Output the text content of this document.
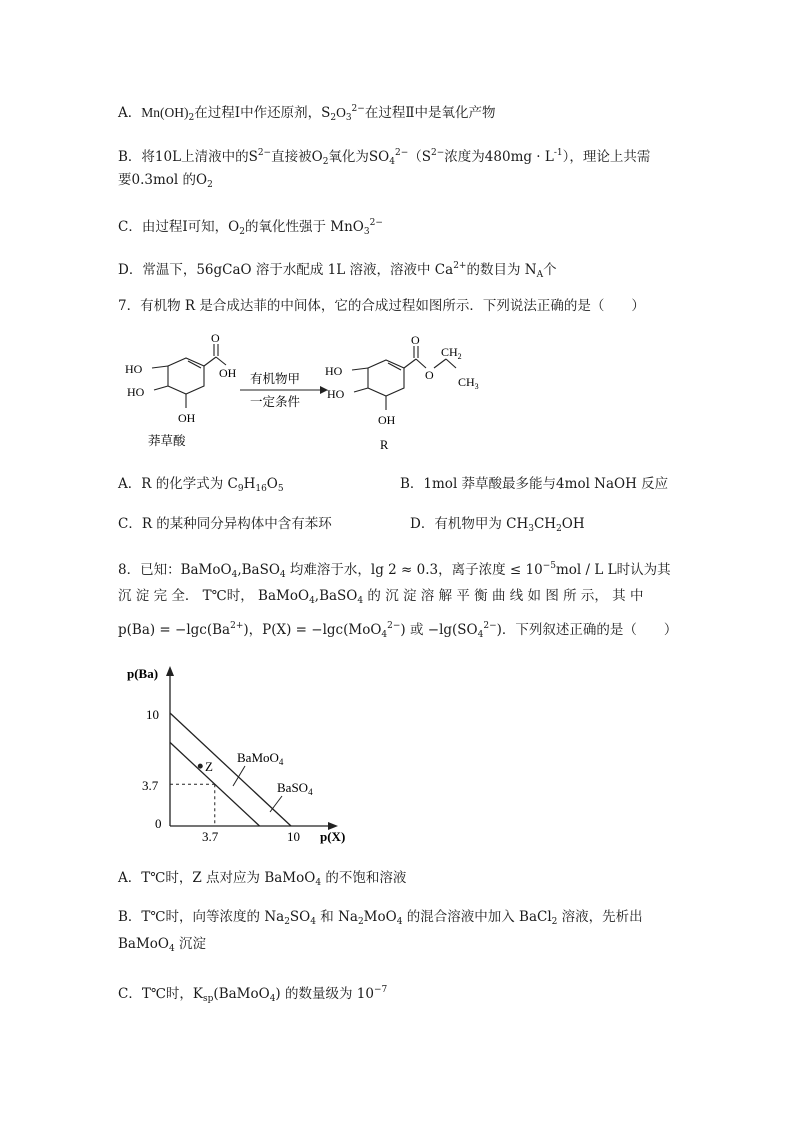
A．$Mn(OH)_2$在过程Ⅰ中作还原剂，$S_2O_3^{2-}$在过程Ⅱ中是氧化产物
B．将10L上清液中的$S^{2-}$直接被$O_2$氧化为$SO_4^{2-}(S^{2-}$浓度为$480mg \cdot L^{-1}$），理论上共需
要0.3mol 的$O_2$
C．由过程Ⅰ可知，$O_2$的氧化性强于 MnO$_3^{2-}$
D．常温下，56gCaO 溶于水配成 1L 溶液，溶液中 $Ca^{2+}$的数目为 $N_A$个
7．有机物 R 是合成达菲的中间体，它的合成过程如图所示．下列说法正确的是（　　）
HO
HO
OH
O
OH
莽草酸
有机物甲
一定条件
HO
HO
OH
O
O
$CH_2$
$CH_3$
R
A．R 的化学式为 $C_9H_{16}O_5$	B．1mol 莽草酸最多能与4mol NaOH 反应
C．R 的某种同分异构体中含有苯环	D．有机物甲为 $CH_3CH_2OH$
8．已知：BaMoO$_4$,BaSO$_4$ 均难溶于水，lg 2 ≈ 0.3，离子浓度 ≤ $10^{-5}mol$ / L L时认为其
沉 淀 完 全． T℃时， BaMoO$_4$,BaSO$_4$ 的 沉 淀 溶 解 平 衡 曲 线 如 图 所 示， 其 中
$p(Ba) = -\lg c(Ba^{2+})$，P(X) = −lgc(MoO$_4^{2-}$) 或 $-\lg(SO_4^{2-})$．下列叙述正确的是（　　）
p(Ba)
p(X)
10
3.7
0
3.7	10
Z
BaMoO$_4$
BaSO$_4$
A．T℃时，Z 点对应为 BaMoO$_4$ 的不饱和溶液
B．T℃时，向等浓度的 $Na_2SO_4$ 和 $Na_2MoO_4$ 的混合溶液中加入 BaCl$_2$ 溶液，先析出
BaMoO$_4$ 沉淀
C．T℃时，$K_{sp}(BaMoO_4)$ 的数量级为 $10^{-7}$
